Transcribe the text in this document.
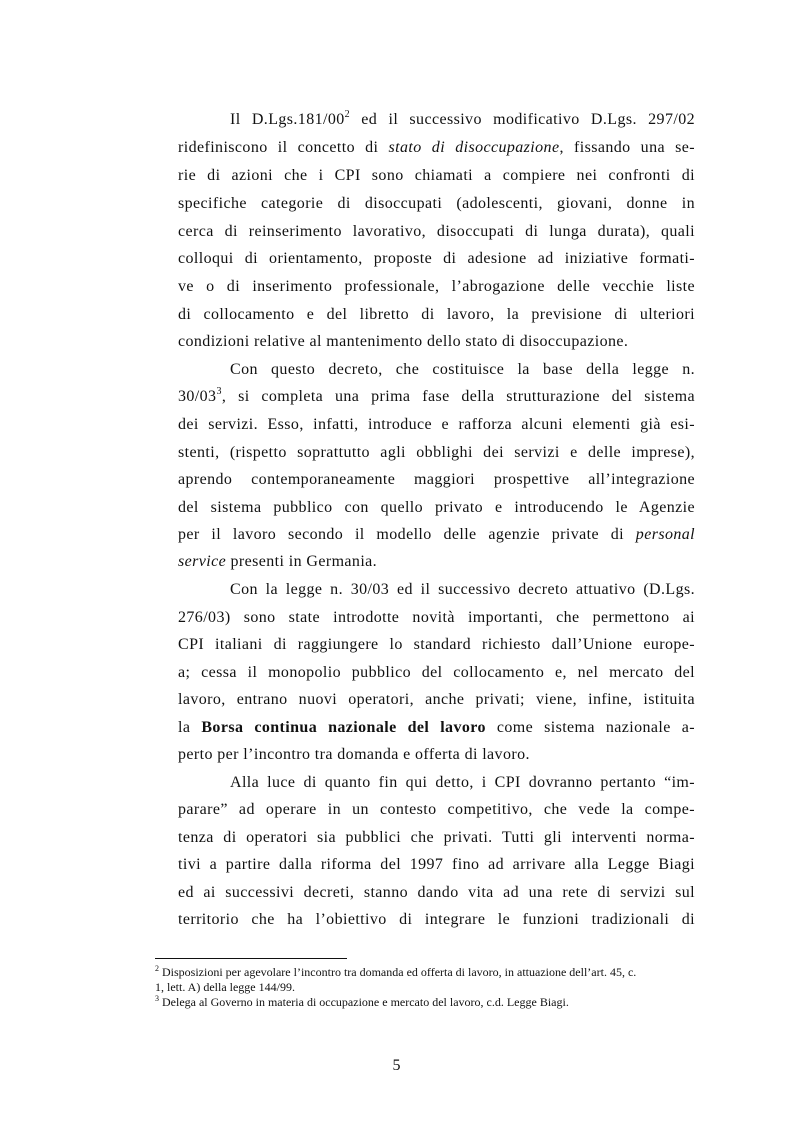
Il $D.Lgs.181/00^2$ ed il successivo modificativo D.Lgs. 297/02
ridefiniscono il concetto di stato di disoccupazione, fissando una se-
rie di azioni che i CPI sono chiamati a compiere nei confronti di
specifiche categorie di disoccupati (adolescenti, giovani, donne in
cerca di reinserimento lavorativo, disoccupati di lunga durata), quali
colloqui di orientamento, proposte di adesione ad iniziative formati-
ve o di inserimento professionale, l’abrogazione delle vecchie liste
di collocamento e del libretto di lavoro, la previsione di ulteriori
condizioni relative al mantenimento dello stato di disoccupazione.
Con questo decreto, che costituisce la base della legge n.
$30/03^3$, si completa una prima fase della strutturazione del sistema
dei servizi. Esso, infatti, introduce e rafforza alcuni elementi già esi-
stenti, (rispetto soprattutto agli obblighi dei servizi e delle imprese),
aprendo contemporaneamente maggiori prospettive all’integrazione
del sistema pubblico con quello privato e introducendo le Agenzie
per il lavoro secondo il modello delle agenzie private di personal
service presenti in Germania.
Con la legge n. 30/03 ed il successivo decreto attuativo (D.Lgs.
276/03) sono state introdotte novità importanti, che permettono ai
CPI italiani di raggiungere lo standard richiesto dall’Unione europe-
a; cessa il monopolio pubblico del collocamento e, nel mercato del
lavoro, entrano nuovi operatori, anche privati; viene, infine, istituita
la Borsa continua nazionale del lavoro come sistema nazionale a-
perto per l’incontro tra domanda e offerta di lavoro.
Alla luce di quanto fin qui detto, i CPI dovranno pertanto “im-
parare” ad operare in un contesto competitivo, che vede la compe-
tenza di operatori sia pubblici che privati. Tutti gli interventi norma-
tivi a partire dalla riforma del 1997 fino ad arrivare alla Legge Biagi
ed ai successivi decreti, stanno dando vita ad una rete di servizi sul
territorio che ha l’obiettivo di integrare le funzioni tradizionali di
$^2$ Disposizioni per agevolare l’incontro tra domanda ed offerta di lavoro, in attuazione dell’art. 45, c.
1, lett. A) della legge 144/99.
$^3$ Delega al Governo in materia di occupazione e mercato del lavoro, c.d. Legge Biagi.
5
